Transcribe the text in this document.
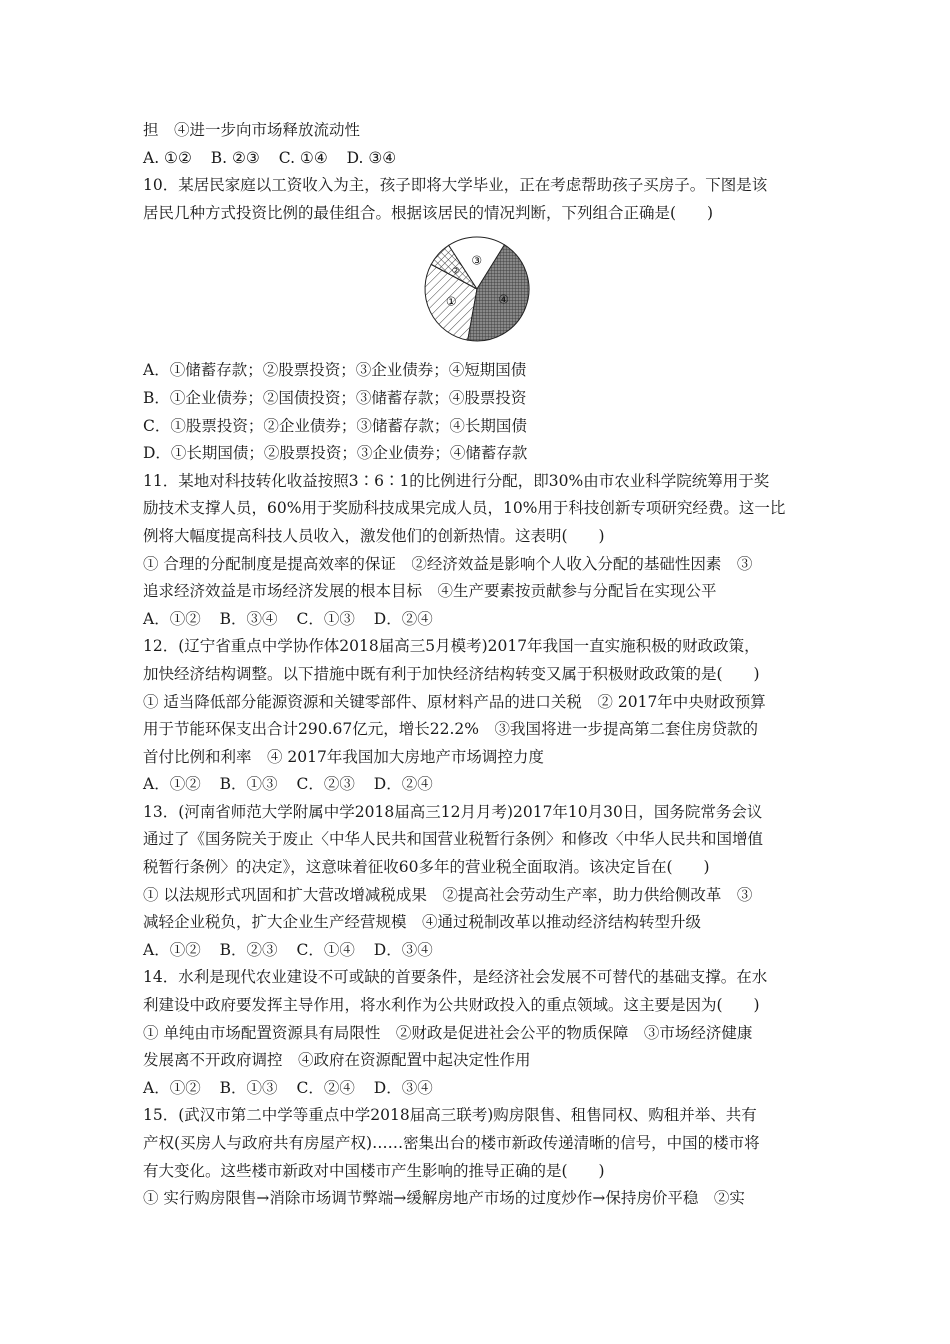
担　④进一步向市场释放流动性
A. ①② B. ②③ C. ①④ D. ③④
10．某居民家庭以工资收入为主，孩子即将大学毕业，正在考虑帮助孩子买房子。下图是该
居民几种方式投资比例的最佳组合。根据该居民的情况判断，下列组合正确是(　　)
①
②
③
④
A．①储蓄存款；②股票投资；③企业债券；④短期国债
B．①企业债券；②国债投资；③储蓄存款；④股票投资
C．①股票投资；②企业债券；③储蓄存款；④长期国债
D．①长期国债；②股票投资；③企业债券；④储蓄存款
11．某地对科技转化收益按照3∶6∶1的比例进行分配，即30%由市农业科学院统筹用于奖
励技术支撑人员，60%用于奖励科技成果完成人员，10%用于科技创新专项研究经费。这一比
例将大幅度提高科技人员收入，激发他们的创新热情。这表明(　　)
① 合理的分配制度是提高效率的保证　②经济效益是影响个人收入分配的基础性因素　③
追求经济效益是市场经济发展的根本目标　④生产要素按贡献参与分配旨在实现公平
A．①② B．③④ C．①③ D．②④
12．(辽宁省重点中学协作体2018届高三5月模考)2017年我国一直实施积极的财政政策，
加快经济结构调整。以下措施中既有利于加快经济结构转变又属于积极财政政策的是(　　)
① 适当降低部分能源资源和关键零部件、原材料产品的进口关税　② 2017年中央财政预算
用于节能环保支出合计290.67亿元，增长22.2%　③我国将进一步提高第二套住房贷款的
首付比例和利率　④ 2017年我国加大房地产市场调控力度
A．①② B．①③ C．②③ D．②④
13．(河南省师范大学附属中学2018届高三12月月考)2017年10月30日，国务院常务会议
通过了《国务院关于废止〈中华人民共和国营业税暂行条例〉和修改〈中华人民共和国增值
税暂行条例〉的决定》，这意味着征收60多年的营业税全面取消。该决定旨在(　　)
① 以法规形式巩固和扩大营改增减税成果　②提高社会劳动生产率，助力供给侧改革　③
减轻企业税负，扩大企业生产经营规模　④通过税制改革以推动经济结构转型升级
A．①② B．②③ C．①④ D．③④
14．水利是现代农业建设不可或缺的首要条件，是经济社会发展不可替代的基础支撑。在水
利建设中政府要发挥主导作用，将水利作为公共财政投入的重点领域。这主要是因为(　　)
① 单纯由市场配置资源具有局限性　②财政是促进社会公平的物质保障　③市场经济健康
发展离不开政府调控　④政府在资源配置中起决定性作用
A．①② B．①③ C．②④ D．③④
15．(武汉市第二中学等重点中学2018届高三联考)购房限售、租售同权、购租并举、共有
产权(买房人与政府共有房屋产权)……密集出台的楼市新政传递清晰的信号，中国的楼市将
有大变化。这些楼市新政对中国楼市产生影响的推导正确的是(　　)
① 实行购房限售→消除市场调节弊端→缓解房地产市场的过度炒作→保持房价平稳　②实
